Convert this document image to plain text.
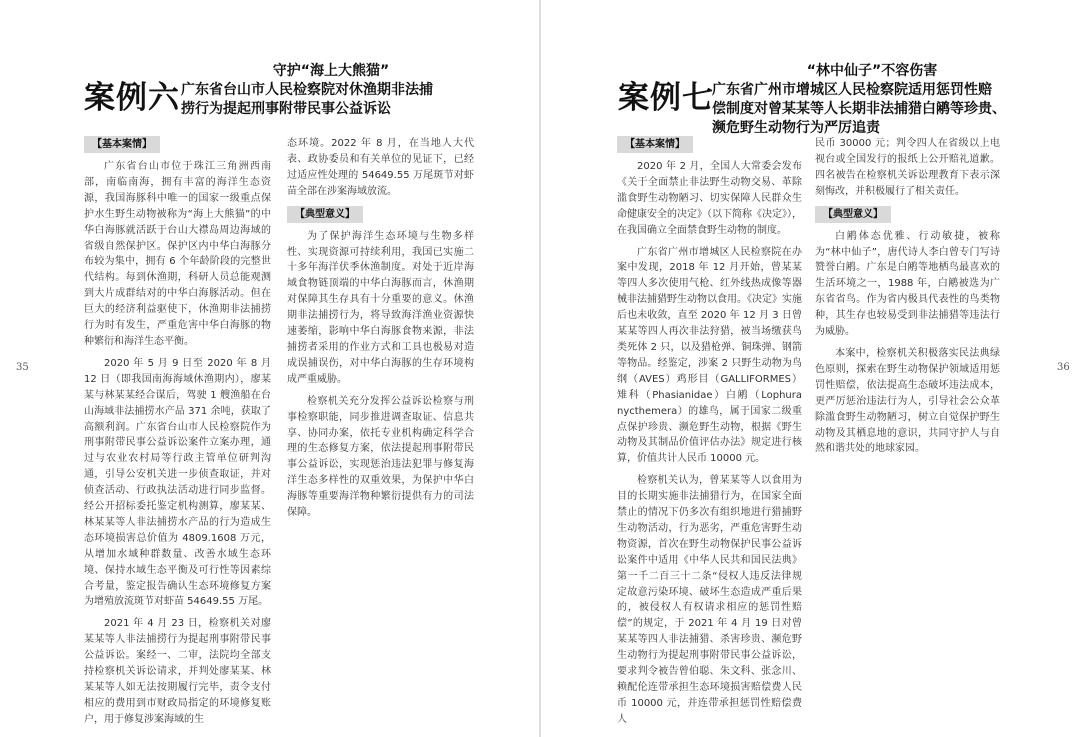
35	36
案例六
守护“海上大熊猫”
广东省台山市人民检察院对休渔期非法捕
捞行为提起刑事附带民事公益诉讼
【基本案情】

广东省台山市位于珠江三角洲西南部，南临南海，拥有丰富的海洋生态资源，我国海豚科中唯一的国家一级重点保护水生野生动物被称为“海上大熊猫”的中华白海豚就活跃于台山大襟岛周边海域的省级自然保护区。保护区内中华白海豚分布较为集中，拥有 6 个年龄阶段的完整世代结构。每到休渔期，科研人员总能观测到大片成群结对的中华白海豚活动。但在巨大的经济利益驱使下，休渔期非法捕捞行为时有发生，严重危害中华白海豚的物种繁衍和海洋生态平衡。

2020 年 5 月 9 日至 2020 年 8 月 12 日（即我国南海海域休渔期内），廖某某与林某某经合谋后，驾驶 1 艘渔船在台山海域非法捕捞水产品 371 余吨，获取了高额利润。广东省台山市人民检察院作为刑事附带民事公益诉讼案件立案办理，通过与农业农村局等行政主管单位研判沟通，引导公安机关进一步侦查取证，并对侦查活动、行政执法活动进行同步监督。经公开招标委托鉴定机构测算，廖某某、林某某等人非法捕捞水产品的行为造成生态环境损害总价值为 4809.1608 万元，从增加水域种群数量、改善水域生态环境、保持水域生态平衡及可行性等因素综合考量，鉴定报告确认生态环境修复方案为增殖放流斑节对虾苗 54649.55 万尾。

2021 年 4 月 23 日，检察机关对廖某某等人非法捕捞行为提起刑事附带民事公益诉讼。案经一、二审，法院均全部支持检察机关诉讼请求，并判处廖某某、林某某等人如无法按期履行完毕，责令支付相应的费用到市财政局指定的环境修复账户，用于修复涉案海域的生

态环境。2022 年 8 月，在当地人大代表、政协委员和有关单位的见证下，已经过适应性处理的 54649.55 万尾斑节对虾苗全部在涉案海域放流。

【典型意义】

为了保护海洋生态环境与生物多样性、实现资源可持续利用，我国已实施二十多年海洋伏季休渔制度。对处于近岸海域食物链顶端的中华白海豚而言，休渔期对保障其生存具有十分重要的意义。休渔期非法捕捞行为，将导致海洋渔业资源快速萎缩，影响中华白海豚食物来源，非法捕捞者采用的作业方式和工具也极易对造成误捕误伤，对中华白海豚的生存环境构成严重威胁。

检察机关充分发挥公益诉讼检察与刑事检察职能，同步推进调查取证、信息共享、协同办案，依托专业机构确定科学合理的生态修复方案，依法提起刑事附带民事公益诉讼，实现惩治违法犯罪与修复海洋生态多样性的双重效果，为保护中华白海豚等重要海洋物种繁衍提供有力的司法保障。

案例七
“林中仙子”不容伤害
广东省广州市增城区人民检察院适用惩罚性赔
偿制度对曾某某等人长期非法捕猎白鹇等珍贵、
濒危野生动物行为严厉追责
【基本案情】

2020 年 2 月，全国人大常委会发布《关于全面禁止非法野生动物交易、革除滥食野生动物陋习、切实保障人民群众生命健康安全的决定》（以下简称《决定》），在我国确立全面禁食野生动物的制度。

广东省广州市增城区人民检察院在办案中发现，2018 年 12 月开始，曾某某等四人多次使用气枪、红外线热成像等器械非法捕猎野生动物以食用。《决定》实施后也未收敛，直至 2020 年 12 月 3 日曾某某等四人再次非法狩猎，被当场缴获鸟类死体 2 只，以及猎枪弹、铜珠弹、钢箭等物品。经鉴定，涉案 2 只野生动物为鸟纲（AVES）鸡形目（GALLIFORMES）雉科（Phasianidae）白鹇（Lophura nycthemera）的雄鸟，属于国家二级重点保护珍贵、濒危野生动物，根据《野生动物及其制品价值评估办法》规定进行核算，价值共计人民币 10000 元。

检察机关认为，曾某某等人以食用为目的长期实施非法捕猎行为，在国家全面禁止的情况下仍多次有组织地进行猎捕野生动物活动，行为恶劣，严重危害野生动物资源，首次在野生动物保护民事公益诉讼案件中适用《中华人民共和国民法典》第一千二百三十二条“侵权人违反法律规定故意污染环境、破坏生态造成严重后果的，被侵权人有权请求相应的惩罚性赔偿”的规定，于 2021 年 4 月 19 日对曾某某等四人非法捕猎、杀害珍贵、濒危野生动物行为提起刑事附带民事公益诉讼，要求判令被告曾伯聪、朱文科、张念川、赖配伦连带承担生态环境损害赔偿费人民币 10000 元，并连带承担惩罚性赔偿费人

民币 30000 元；判令四人在省级以上电视台或全国发行的报纸上公开赔礼道歉。四名被告在检察机关诉讼理教育下表示深刻悔改，并积极履行了相关责任。

【典型意义】

白鹇体态优雅、行动敏捷，被称为“林中仙子”，唐代诗人李白曾专门写诗赞誉白鹇。广东是白鹇等地栖鸟最喜欢的生活环境之一，1988 年，白鹇被选为广东省省鸟。作为省内极具代表性的鸟类物种，其生存也较易受到非法捕猎等违法行为威胁。

本案中，检察机关积极落实民法典绿色原则，探索在野生动物保护领域适用惩罚性赔偿，依法提高生态破坏违法成本，更严厉惩治违法行为人，引导社会公众革除滥食野生动物陋习，树立自觉保护野生动物及其栖息地的意识，共同守护人与自然和谐共处的地球家园。
